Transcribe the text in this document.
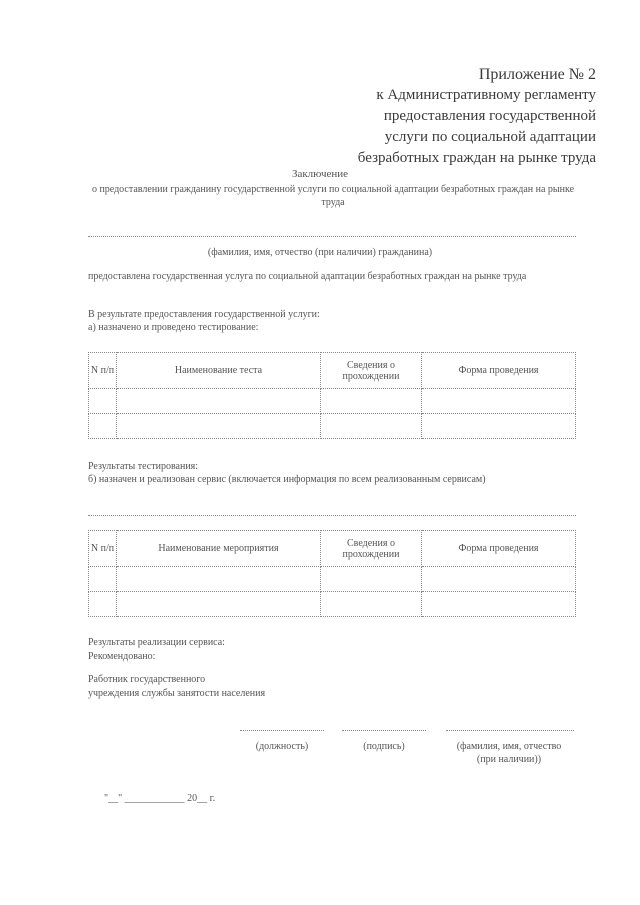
Приложение № 2
к Административному регламенту
предоставления государственной
услуги по социальной адаптации
безработных граждан на рынке труда
Заключение
о предоставлении гражданину государственной услуги по социальной адаптации безработных граждан на рынке труда
(фамилия, имя, отчество (при наличии) гражданина)
предоставлена государственная услуга по социальной адаптации безработных граждан на рынке труда
В результате предоставления государственной услуги:
а) назначено и проведено тестирование:
N п/п	Наименование теста	Сведения о прохождении	Форма проведения

Результаты тестирования:
б) назначен и реализован сервис (включается информация по всем реализованным сервисам)
N п/п	Наименование мероприятия	Сведения о прохождении	Форма проведения

Результаты реализации сервиса:
Рекомендовано:
Работник государственного
учреждения службы занятости населения
(должность)	(подпись)	(фамилия, имя, отчество (при наличии))
"__" ____________ 20__ г.
